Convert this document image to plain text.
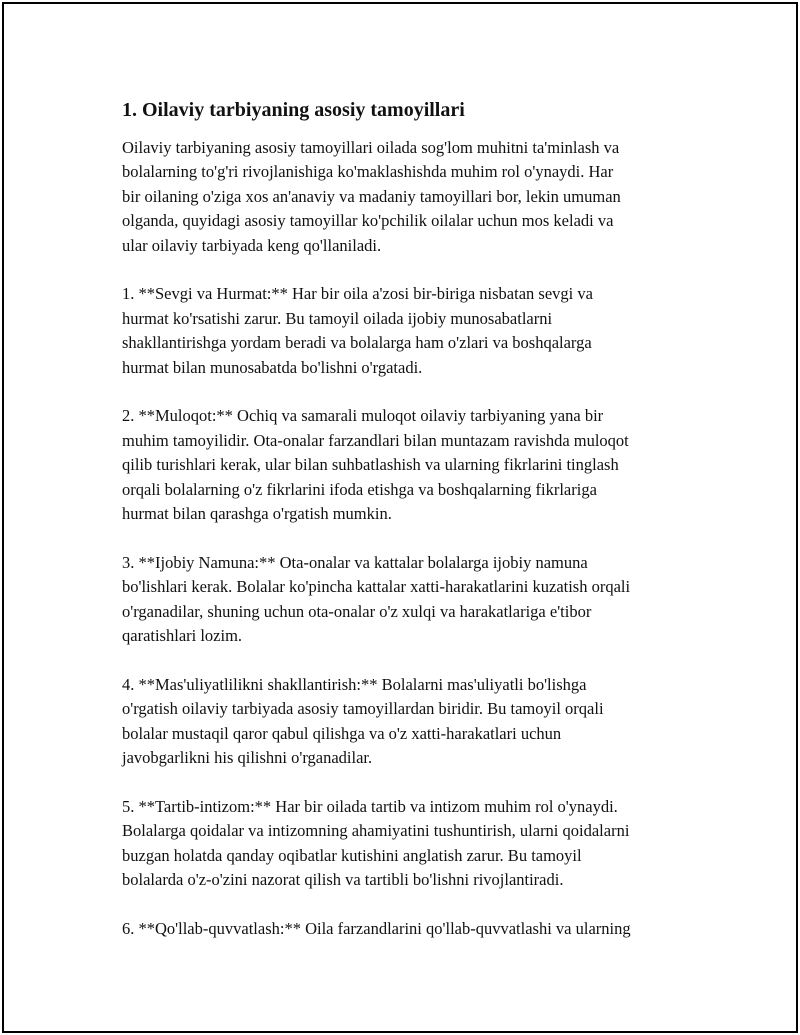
1. Oilaviy tarbiyaning asosiy tamoyillari

Oilaviy tarbiyaning asosiy tamoyillari oilada sog'lom muhitni ta'minlash va
bolalarning to'g'ri rivojlanishiga ko'maklashishda muhim rol o'ynaydi. Har
bir oilaning o'ziga xos an'anaviy va madaniy tamoyillari bor, lekin umuman
olganda, quyidagi asosiy tamoyillar ko'pchilik oilalar uchun mos keladi va
ular oilaviy tarbiyada keng qo'llaniladi.

1. **Sevgi va Hurmat:** Har bir oila a'zosi bir-biriga nisbatan sevgi va
hurmat ko'rsatishi zarur. Bu tamoyil oilada ijobiy munosabatlarni
shakllantirishga yordam beradi va bolalarga ham o'zlari va boshqalarga
hurmat bilan munosabatda bo'lishni o'rgatadi.

2. **Muloqot:** Ochiq va samarali muloqot oilaviy tarbiyaning yana bir
muhim tamoyilidir. Ota-onalar farzandlari bilan muntazam ravishda muloqot
qilib turishlari kerak, ular bilan suhbatlashish va ularning fikrlarini tinglash
orqali bolalarning o'z fikrlarini ifoda etishga va boshqalarning fikrlariga
hurmat bilan qarashga o'rgatish mumkin.

3. **Ijobiy Namuna:** Ota-onalar va kattalar bolalarga ijobiy namuna
bo'lishlari kerak. Bolalar ko'pincha kattalar xatti-harakatlarini kuzatish orqali
o'rganadilar, shuning uchun ota-onalar o'z xulqi va harakatlariga e'tibor
qaratishlari lozim.

4. **Mas'uliyatlilikni shakllantirish:** Bolalarni mas'uliyatli bo'lishga
o'rgatish oilaviy tarbiyada asosiy tamoyillardan biridir. Bu tamoyil orqali
bolalar mustaqil qaror qabul qilishga va o'z xatti-harakatlari uchun
javobgarlikni his qilishni o'rganadilar.

5. **Tartib-intizom:** Har bir oilada tartib va intizom muhim rol o'ynaydi.
Bolalarga qoidalar va intizomning ahamiyatini tushuntirish, ularni qoidalarni
buzgan holatda qanday oqibatlar kutishini anglatish zarur. Bu tamoyil
bolalarda o'z-o'zini nazorat qilish va tartibli bo'lishni rivojlantiradi.

6. **Qo'llab-quvvatlash:** Oila farzandlarini qo'llab-quvvatlashi va ularning
